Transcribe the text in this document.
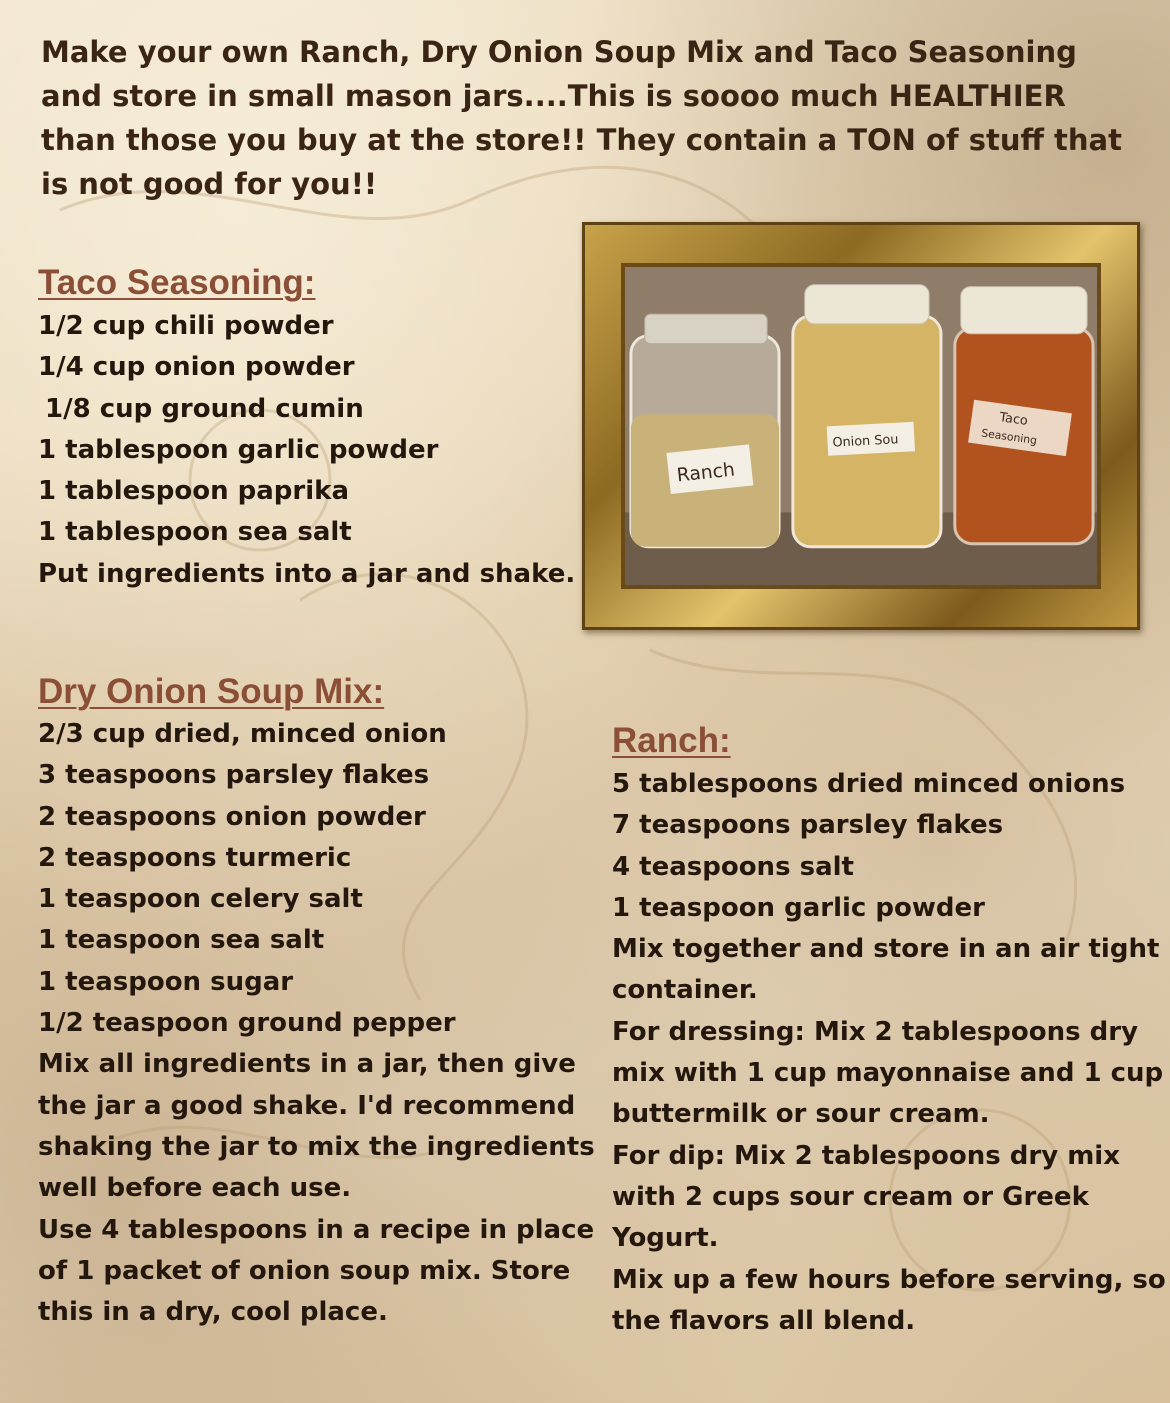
Make your own Ranch, Dry Onion Soup Mix and Taco Seasoning and store in small mason jars....This is soooo much HEALTHIER than those you buy at the store!! They contain a TON of stuff that is not good for you!!

Taco Seasoning:
1/2 cup chili powder
1/4 cup onion powder
1/8 cup ground cumin
1 tablespoon garlic powder
1 tablespoon paprika
1 tablespoon sea salt
Put ingredients into a jar and shake.
Ranch
Onion Sou
Taco
Seasoning
Dry Onion Soup Mix:
2/3 cup dried, minced onion
3 teaspoons parsley flakes
2 teaspoons onion powder
2 teaspoons turmeric
1 teaspoon celery salt
1 teaspoon sea salt
1 teaspoon sugar
1/2 teaspoon ground pepper
Mix all ingredients in a jar, then give
the jar a good shake. I'd recommend
shaking the jar to mix the ingredients
well before each use.
Use 4 tablespoons in a recipe in place
of 1 packet of onion soup mix. Store
this in a dry, cool place.
Ranch:
5 tablespoons dried minced onions
7 teaspoons parsley flakes
4 teaspoons salt
1 teaspoon garlic powder
Mix together and store in an air tight
container.
For dressing: Mix 2 tablespoons dry
mix with 1 cup mayonnaise and 1 cup
buttermilk or sour cream.
For dip: Mix 2 tablespoons dry mix
with 2 cups sour cream or Greek
Yogurt.
Mix up a few hours before serving, so
the flavors all blend.
